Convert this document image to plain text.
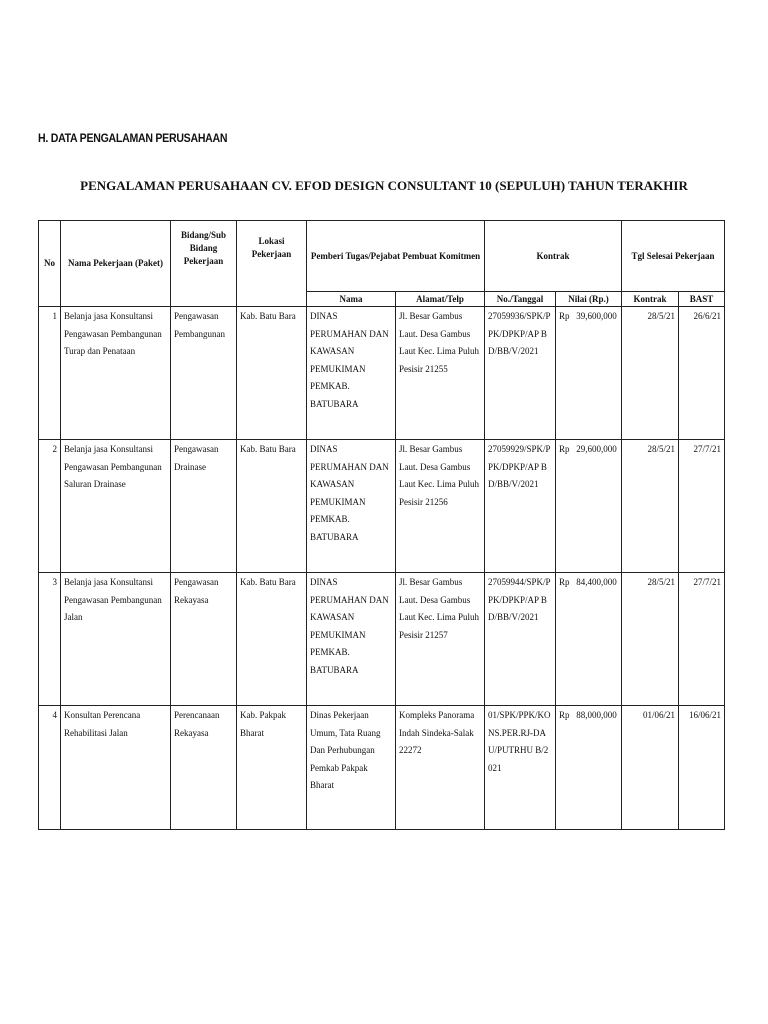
H. DATA PENGALAMAN PERUSAHAAN
PENGALAMAN PERUSAHAAN CV. EFOD DESIGN CONSULTANT 10 (SEPULUH) TAHUN TERAKHIR
No	Nama Pekerjaan (Paket)	Bidang/Sub Bidang Pekerjaan	Lokasi Pekerjaan	Pemberi Tugas/Pejabat Pembuat Komitmen		Kontrak		Tgl Selesai Pekerjaan	
				Nama	Alamat/Telp	No./Tanggal	Nilai (Rp.)	Kontrak	BAST
1	Belanja jasa Konsultansi Pengawasan Pembangunan Turap dan Penataan	Pengawasan Pembangunan	Kab. Batu Bara	DINAS PERUMAHAN DAN KAWASAN PEMUKIMAN PEMKAB. BATUBARA	Jl. Besar Gambus Laut. Desa Gambus Laut Kec. Lima Puluh Pesisir 21255	27059936/SPK/PPK/DPKP/AP BD/BB/V/2021	Rp   39,600,000	28/5/21	26/6/21
2	Belanja jasa Konsultansi Pengawasan Pembangunan Saluran Drainase	Pengawasan Drainase	Kab. Batu Bara	DINAS PERUMAHAN DAN KAWASAN PEMUKIMAN PEMKAB. BATUBARA	Jl. Besar Gambus Laut. Desa Gambus Laut Kec. Lima Puluh Pesisir 21256	27059929/SPK/PPK/DPKP/AP BD/BB/V/2021	Rp   29,600,000	28/5/21	27/7/21
3	Belanja jasa Konsultansi Pengawasan Pembangunan Jalan	Pengawasan Rekayasa	Kab. Batu Bara	DINAS PERUMAHAN DAN KAWASAN PEMUKIMAN PEMKAB. BATUBARA	Jl. Besar Gambus Laut. Desa Gambus Laut Kec. Lima Puluh Pesisir 21257	27059944/SPK/PPK/DPKP/AP BD/BB/V/2021	Rp   84,400,000	28/5/21	27/7/21
4	Konsultan Perencana Rehabilitasi Jalan	Perencanaan Rekayasa	Kab. Pakpak Bharat	Dinas Pekerjaan Umum, Tata Ruang Dan Perhubungan Pemkab Pakpak Bharat	Kompleks Panorama Indah Sindeka-Salak 22272	01/SPK/PPK/KONS.PER.RJ-DAU/PUTRHU B/2021	Rp   88,000,000	01/06/21	16/06/21
